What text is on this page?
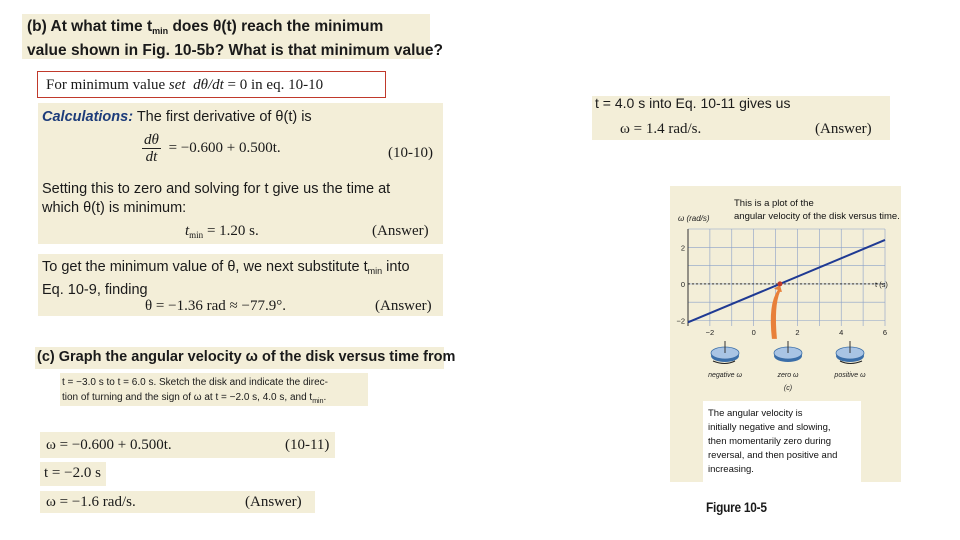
(b) At what time $t_{min}$ does θ(t) reach the minimum
value shown in Fig. 10-5b? What is that minimum value?
For minimum value set dθ/dt = 0 in eq. 10-10
Calculations: The first derivative of θ(t) is
$\frac{d\theta}{dt} = -0.600 + 0.500t$.	(10-10)
Setting this to zero and solving for t give us the time at
which θ(t) is minimum:
$t_{min} = 1.20$ s.	(Answer)
To get the minimum value of θ, we next substitute $t_{min}$ into
Eq. 10-9, finding
θ = −1.36 rad ≈ −77.9°.	(Answer)
(c) Graph the angular velocity ω of the disk versus time from
t = −3.0 s to t = 6.0 s. Sketch the disk and indicate the direc-
tion of turning and the sign of ω at t = −2.0 s, 4.0 s, and $t_{min}$.
ω = −0.600 + 0.500t.	(10-11)
t = −2.0 s
ω = −1.6 rad/s.	(Answer)
t = 4.0 s into Eq. 10-11 gives us
ω = 1.4 rad/s.	(Answer)
This is a plot of the
angular velocity of the disk versus time.
ω (rad/s)
t (s)
−2	0	2	4	6
2
0
−2
negative ω	zero ω	positive ω
(c)
The angular velocity is
initially negative and slowing,
then momentarily zero during
reversal, and then positive and
increasing.
Figure 10-5
